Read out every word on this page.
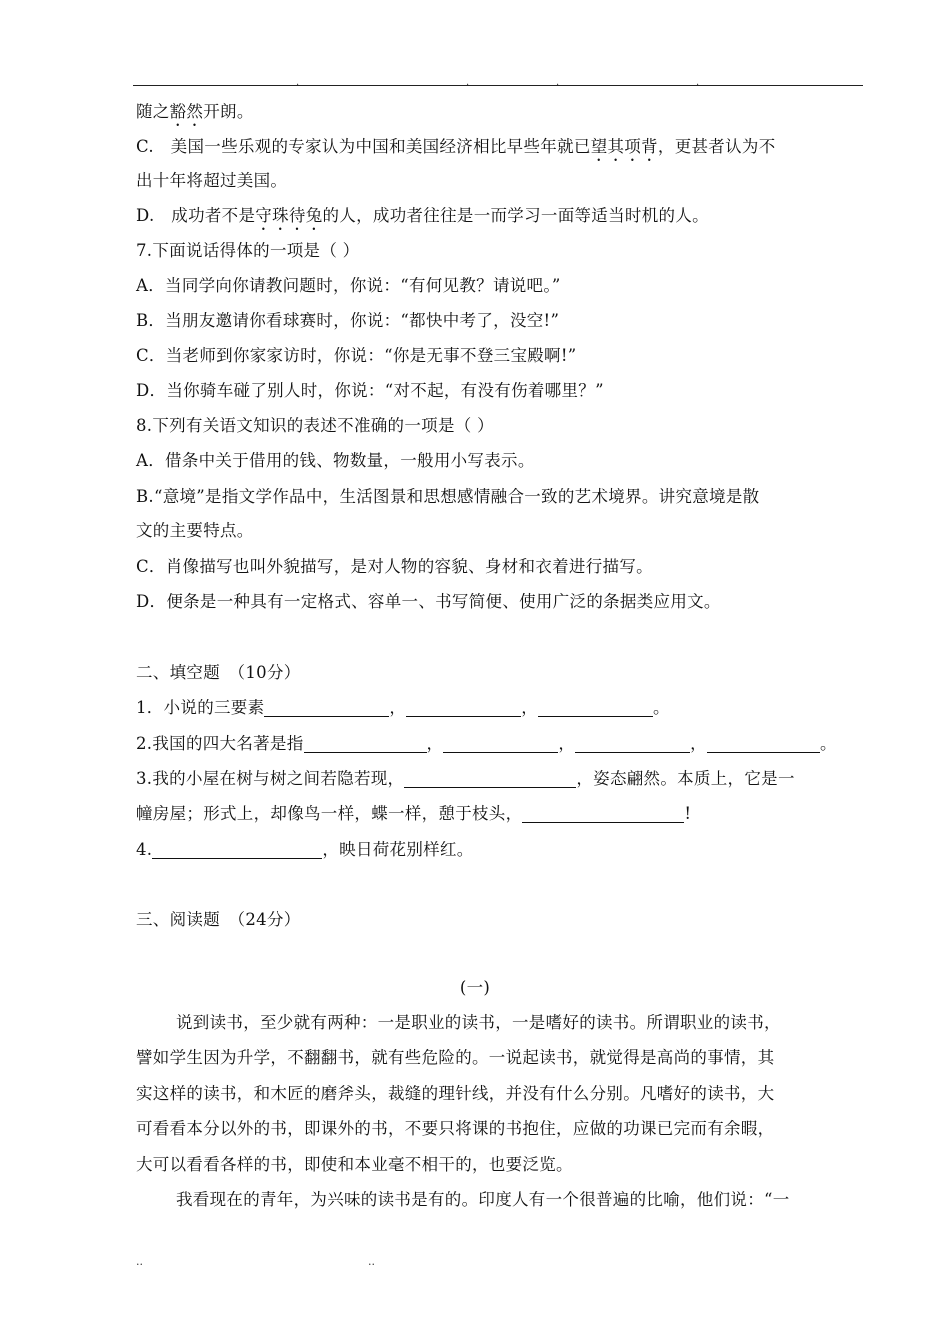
.	.	.	.
随之豁然开朗。
C.　美国一些乐观的专家认为中国和美国经济相比早些年就已望其项背，更甚者认为不
出十年将超过美国。
D.　成功者不是守珠待兔的人，成功者往往是一而学习一面等适当时机的人。
7.下面说话得体的一项是（ ）
A．当同学向你请教问题时，你说：“有何见教？请说吧。”
B．当朋友邀请你看球赛时，你说：“都快中考了，没空!”
C．当老师到你家家访时，你说：“你是无事不登三宝殿啊!”
D．当你骑车碰了别人时，你说：“对不起，有没有伤着哪里？”
8.下列有关语文知识的表述不准确的一项是（ ）
A．借条中关于借用的钱、物数量，一般用小写表示。
B.“意境”是指文学作品中，生活图景和思想感情融合一致的艺术境界。讲究意境是散
文的主要特点。
C．肖像描写也叫外貌描写，是对人物的容貌、身材和衣着进行描写。
D．便条是一种具有一定格式、容单一、书写简便、使用广泛的条据类应用文。
二、填空题　（10分）
1．小说的三要素	，	，	。
2.我国的四大名著是指	，	，	，	。
3.我的小屋在树与树之间若隐若现，	，姿态翩然。本质上，它是一
幢房屋；形式上，却像鸟一样，蝶一样，憩于枝头，	!
4.	，映日荷花别样红。
三、阅读题　（24分）
(一)
说到读书，至少就有两种：一是职业的读书，一是嗜好的读书。所谓职业的读书，
譬如学生因为升学，不翻翻书，就有些危险的。一说起读书，就觉得是高尚的事情，其
实这样的读书，和木匠的磨斧头，裁缝的理针线，并没有什么分别。凡嗜好的读书，大
可看看本分以外的书，即课外的书，不要只将课的书抱住，应做的功课已完而有余暇，
大可以看看各样的书，即使和本业毫不相干的，也要泛览。
我看现在的青年，为兴味的读书是有的。印度人有一个很普遍的比喻，他们说：“一
..	..
